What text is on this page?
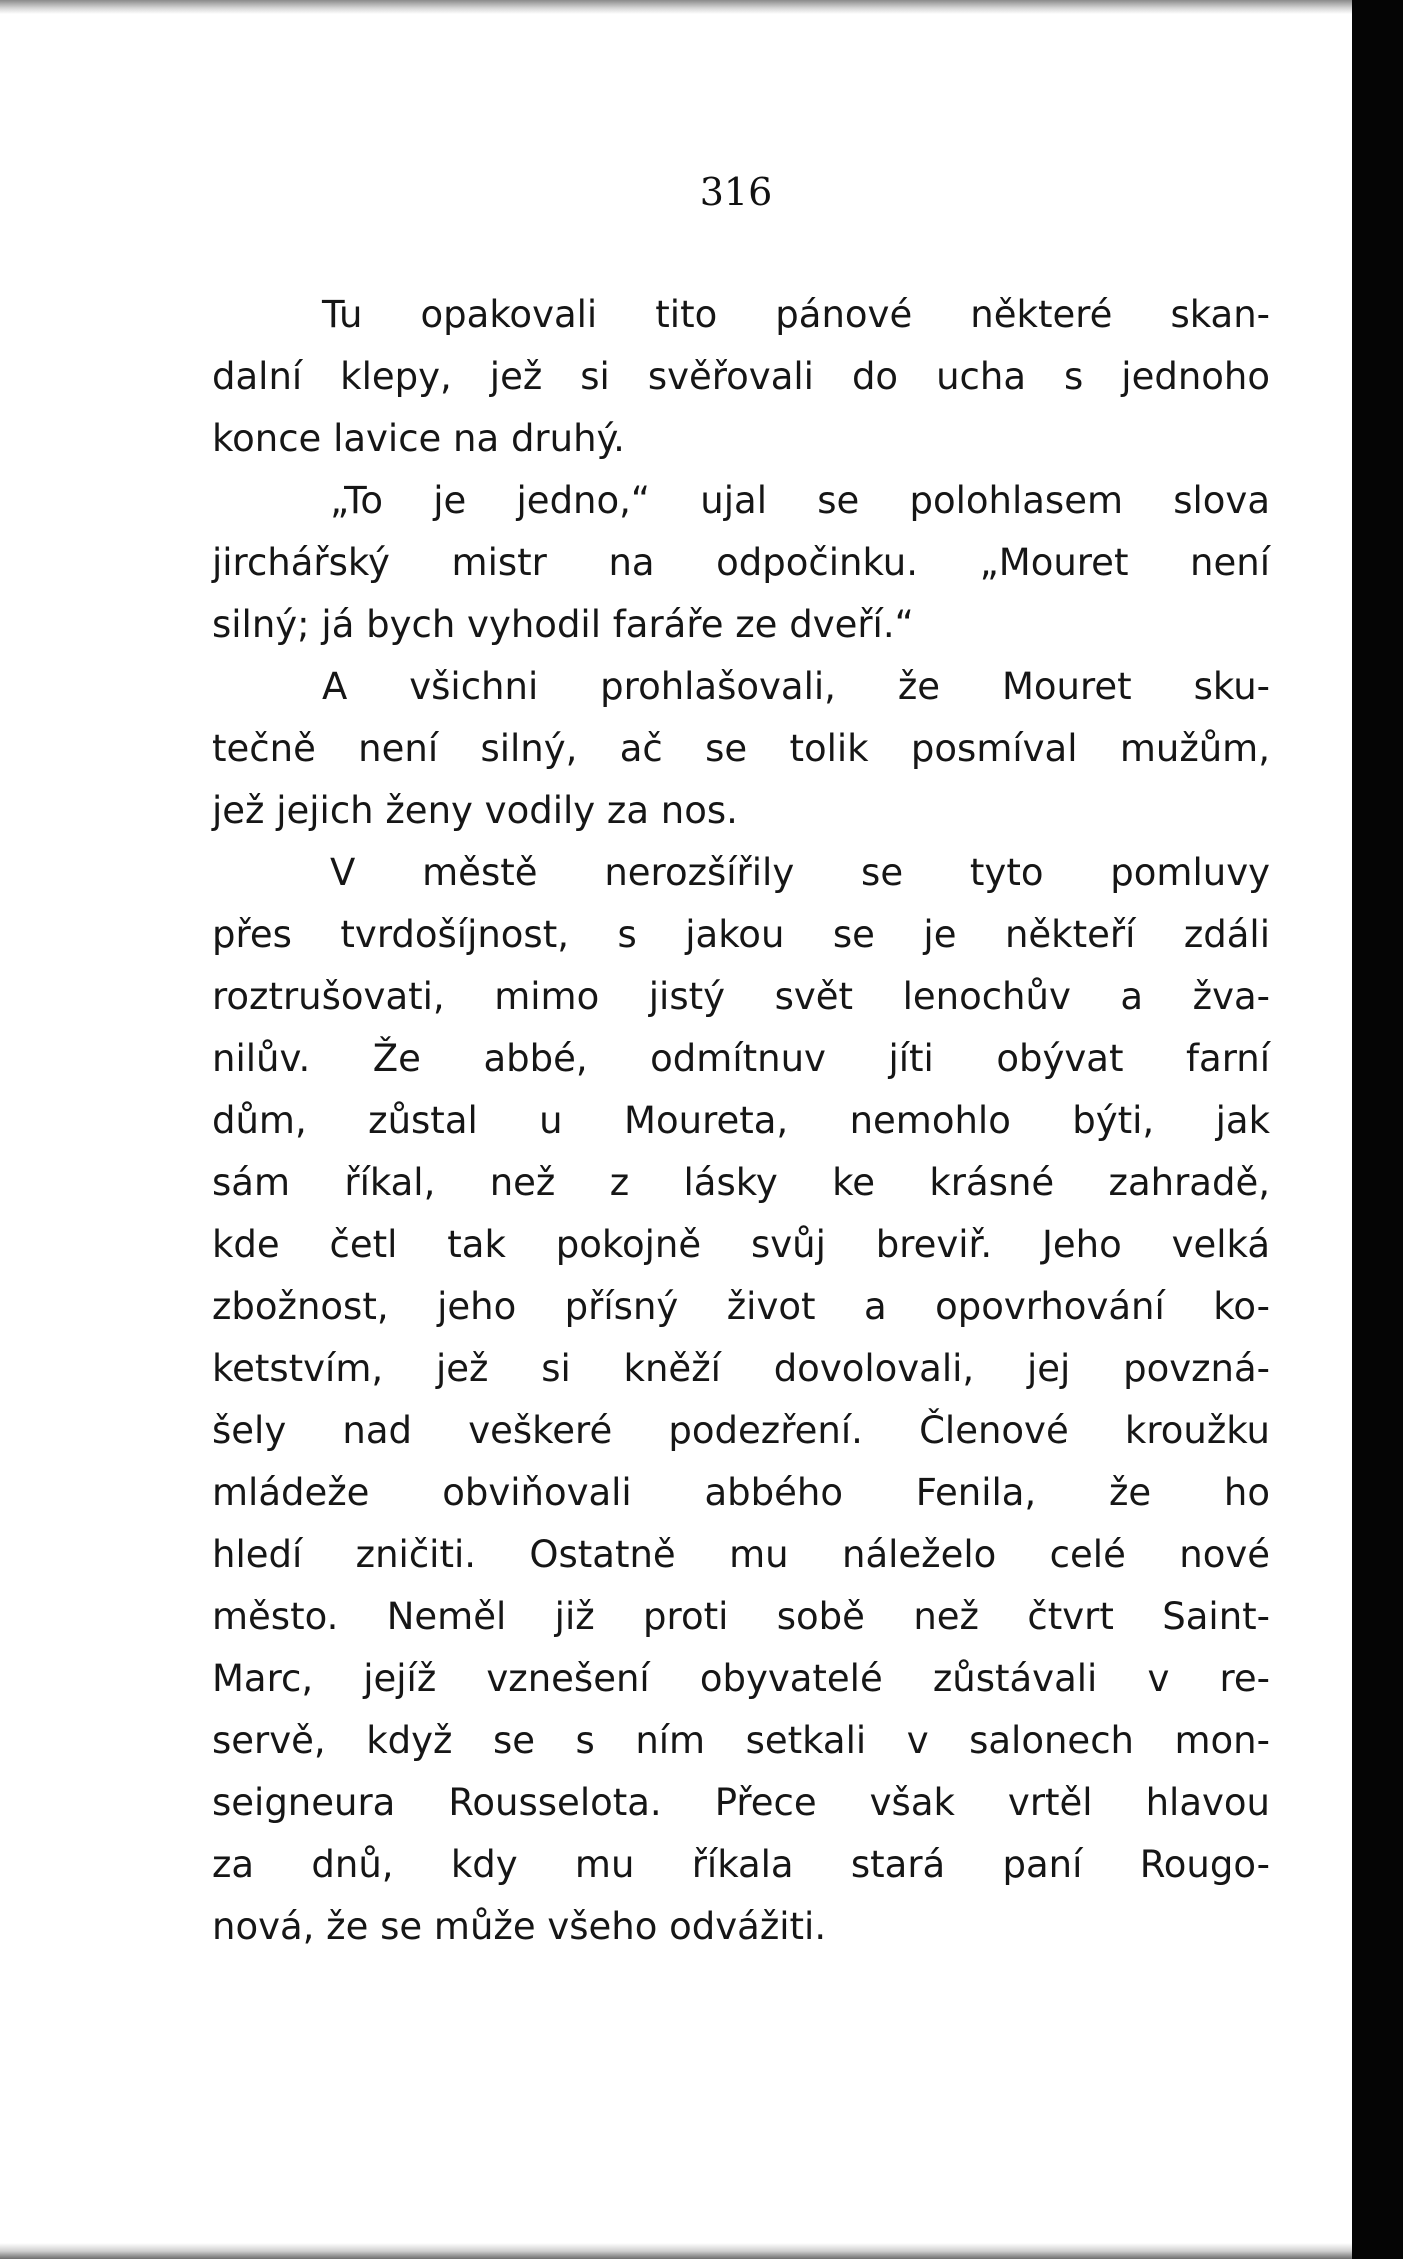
316
Tu opakovali tito pánové některé skan-
dalní klepy, jež si svěřovali do ucha s jednoho
konce lavice na druhý.
„To je jedno,“ ujal se polohlasem slova
jirchářský mistr na odpočinku. „Mouret není
silný; já bych vyhodil faráře ze dveří.“
A všichni prohlašovali, že Mouret sku-
tečně není silný, ač se tolik posmíval mužům,
jež jejich ženy vodily za nos.
V městě nerozšířily se tyto pomluvy
přes tvrdošíjnost, s jakou se je někteří zdáli
roztrušovati, mimo jistý svět lenochův a žva-
nilův. Že abbé, odmítnuv jíti obývat farní
dům, zůstal u Moureta, nemohlo býti, jak
sám říkal, než z lásky ke krásné zahradě,
kde četl tak pokojně svůj breviř. Jeho velká
zbožnost, jeho přísný život a opovrhování ko-
ketstvím, jež si kněží dovolovali, jej povzná-
šely nad veškeré podezření. Členové kroužku
mládeže obviňovali abbého Fenila, že ho
hledí zničiti. Ostatně mu náleželo celé nové
město. Neměl již proti sobě než čtvrt Saint-
Marc, jejíž vznešení obyvatelé zůstávali v re-
servě, když se s ním setkali v salonech mon-
seigneura Rousselota. Přece však vrtěl hlavou
za dnů, kdy mu říkala stará paní Rougo-
nová, že se může všeho odvážiti.
